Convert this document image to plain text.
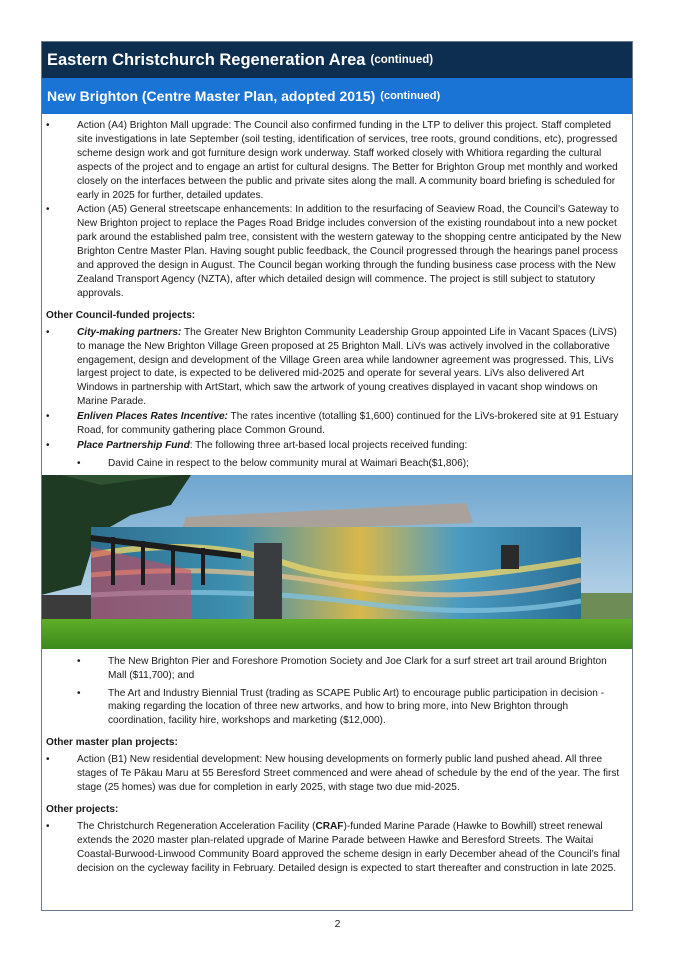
Eastern Christchurch Regeneration Area (continued)
New Brighton (Centre Master Plan, adopted 2015) (continued)
•	Action (A4) Brighton Mall upgrade: The Council also confirmed funding in the LTP to deliver this project. Staff completed site investigations in late September (soil testing, identification of services, tree roots, ground conditions, etc), progressed scheme design work and got furniture design work underway. Staff worked closely with Whitiora regarding the cultural aspects of the project and to engage an artist for cultural designs. The Better for Brighton Group met monthly and worked closely on the interfaces between the public and private sites along the mall. A community board briefing is scheduled for early in 2025 for further, detailed updates.
•	Action (A5) General streetscape enhancements: In addition to the resurfacing of Seaview Road, the Council’s Gateway to New Brighton project to replace the Pages Road Bridge includes conversion of the existing roundabout into a new pocket park around the established palm tree, consistent with the western gateway to the shopping centre anticipated by the New Brighton Centre Master Plan. Having sought public feedback, the Council progressed through the hearings panel process and approved the design in August. The Council began working through the funding business case process with the New Zealand Transport Agency (NZTA), after which detailed design will commence. The project is still subject to statutory approvals.
Other Council-funded projects:
•	City-making partners: The Greater New Brighton Community Leadership Group appointed Life in Vacant Spaces (LiVS) to manage the New Brighton Village Green proposed at 25 Brighton Mall. LiVs was actively involved in the collaborative engagement, design and development of the Village Green area while landowner agreement was progressed. This, LiVs largest project to date, is expected to be delivered mid-2025 and operate for several years. LiVs also delivered Art Windows in partnership with ArtStart, which saw the artwork of young creatives displayed in vacant shop windows on Marine Parade.
•	Enliven Places Rates Incentive: The rates incentive (totalling $1,600) continued for the LiVs-brokered site at 91 Estuary Road, for community gathering place Common Ground.
•	Place Partnership Fund: The following three art-based local projects received funding:
•	David Caine in respect to the below community mural at Waimari Beach($1,806);
•	The New Brighton Pier and Foreshore Promotion Society and Joe Clark for a surf street art trail around Brighton Mall ($11,700); and
•	The Art and Industry Biennial Trust (trading as SCAPE Public Art) to encourage public participation in decision -making regarding the location of three new artworks, and how to bring more, into New Brighton through coordination, facility hire, workshops and marketing ($12,000).
Other master plan projects:
•	Action (B1) New residential development: New housing developments on formerly public land pushed ahead. All three stages of Te Pākau Maru at 55 Beresford Street commenced and were ahead of schedule by the end of the year. The first stage (25 homes) was due for completion in early 2025, with stage two due mid-2025.
Other projects:
•	The Christchurch Regeneration Acceleration Facility (CRAF)-funded Marine Parade (Hawke to Bowhill) street renewal extends the 2020 master plan-related upgrade of Marine Parade between Hawke and Beresford Streets. The Waitai Coastal-Burwood-Linwood Community Board approved the scheme design in early December ahead of the Council’s final decision on the cycleway facility in February. Detailed design is expected to start thereafter and construction in late 2025.
2
